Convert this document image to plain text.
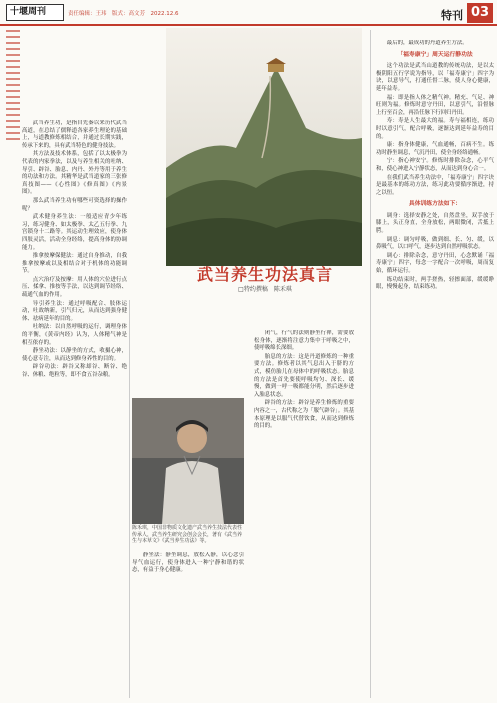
十堰周刊	责任编辑：王玮　版式：高文芳　2022.12.6	特刊 03
武当养生功法真言
□特约撰稿　陈禾琪

武当养生功，是指自先秦以来历代武当高道，在总结了儒释道各家养生理论的基础上，与道教修炼相结合，并通过长期实践，传承下来的，具有武当特色的健身技法。

其方法及技术体系，包括了以太极拳为代表的内家拳法，以及与养生相关的吐纳、导引、辟谷、胎息、内丹、外丹等用于养生的功法和方法。其精华是武当道家的三张修真技图——《心性图》《修真图》《内景图》。

那么武当养生功有哪些可资选择的操作呢？

武术健身养生法：一般适应青少年练习，练习健身、如太极拳、太乙五行拳、九宫锁身十二路等。其运动生理效应，使身体四肢灵活，活动全身经络，提高身体的协调能力。

推拿按摩保健法：通过自身推动，自我推拿按摩或以及相结合对于机体的功能调节。

点穴治疗及按摩：用人体的穴位进行点压、揉拿、推按等手法，以达到调节经络、疏通气血的作用。

导引养生法：通过呼吸配合、肢体运动，吐故纳新，引气归元，从而达到强身健体、祛病延年的目的。

吐纳法：以自然呼吸的运行，调理身体的平衡，《黄帝内经》认为，人体精气神是相互依存的。

静坐功法：以静坐的方式，收摄心神，使心意专注，从而达到修身养性的目的。

辟谷功法：辟谷又称却谷、断谷、绝谷、休粮、绝粒等，即不食五谷杂粮。

陈禾琪，中国非物质文化遗产武当养生技法代表性传承人，武当养生研究会创会会长，著有《武当养生与本草文》《武当养生功法》等。

静坐法：静坐调息，放松入静，以心念引导气血运行，使身体进入一种宁静和谐的状态，有益于身心健康。

闭气，行气的法则静坐行禅，需要放松身体，逐渐将注意力集中于呼吸之中，使呼吸绵长深细。

胎息的方法：这是丹道修炼的一种重要方法。修炼者以其气息出入于脐的方式，模仿胎儿在母体中的呼吸状态。胎息的方法是首先要使呼吸均匀、深长、缓慢，做到一呼一吸都能分明，然后逐步进入胎息状态。

辟谷的方法：辟谷是养生修炼的重要内容之一，古代称之为「服气辟谷」。其基本原理是以服气代替饮食，从而达到修炼的目的。

最后的，最成功的丹道养生方法。

「福寿康宁」周天运行静功法

这个功法是武当山道教的传统功法，是以太极阴阳五行学说为指导，以「福寿康宁」四字为诀，以意导气，打通任督二脉，使人身心健康，延年益寿。

福：即是指人体之精气神。精充、气足、神旺则为福。修炼时意守丹田，以意引气，沿督脉上行至百会，再沿任脉下行回归丹田。

寿：寿是人生最大的福。寿与福相连，练功时以意引气，配合呼吸，逐渐达到延年益寿的目的。

康：指身体健康，气血通畅，百病不生。练功时静坐调息，气沉丹田，使全身经络通畅。

宁：指心神安宁。修炼时排除杂念，心平气和，使心神进入宁静状态，从而达到身心合一。

在我们武当养生功法中，「福寿康宁」四字诀是最基本的练功方法，练习此功要循序渐进，持之以恒。

具体训练方法如下：

调身：选择安静之处，自然盘坐，双手放于膝上，头正身直，全身放松，两眼微闭，舌抵上腭。

调息：调匀呼吸，做到细、长、匀、缓，以鼻吸气，以口呼气，逐步达到自然呼吸状态。

调心：排除杂念，意守丹田，心念默诵「福寿康宁」四字，每念一字配合一次呼吸，周而复始，循环运行。

练功结束时，两手搓热，轻擦面部，缓缓睁眼，慢慢起身，结束练功。
